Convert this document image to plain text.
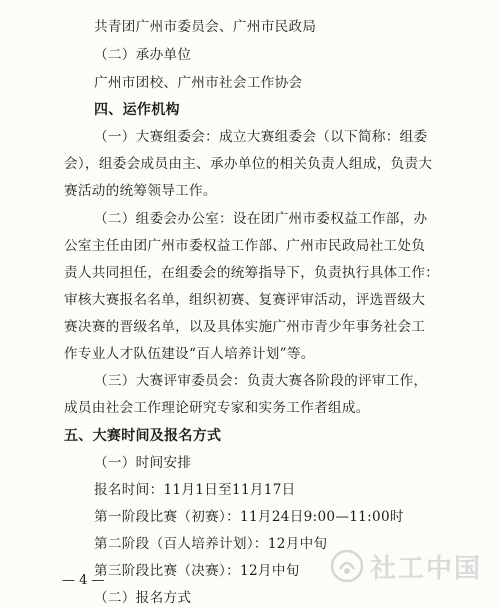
共青团广州市委员会、广州市民政局
（二）承办单位
广州市团校、广州市社会工作协会
四、运作机构
（一）大赛组委会：成立大赛组委会（以下简称：组委
会），组委会成员由主、承办单位的相关负责人组成，负责大
赛活动的统筹领导工作。
（二）组委会办公室：设在团广州市委权益工作部，办
公室主任由团广州市委权益工作部、广州市民政局社工处负
责人共同担任，在组委会的统筹指导下，负责执行具体工作：
审核大赛报名名单，组织初赛、复赛评审活动，评选晋级大
赛决赛的晋级名单，以及具体实施广州市青少年事务社会工
作专业人才队伍建设“百人培养计划”等。
（三）大赛评审委员会：负责大赛各阶段的评审工作，
成员由社会工作理论研究专家和实务工作者组成。
五、大赛时间及报名方式
（一）时间安排
报名时间：11月1日至11月17日
第一阶段比赛（初赛）：11月24日9:00—11:00时
第二阶段（百人培养计划）：12月中旬
第三阶段比赛（决赛）：12月中旬
（二）报名方式
— 4 —	社工中国
